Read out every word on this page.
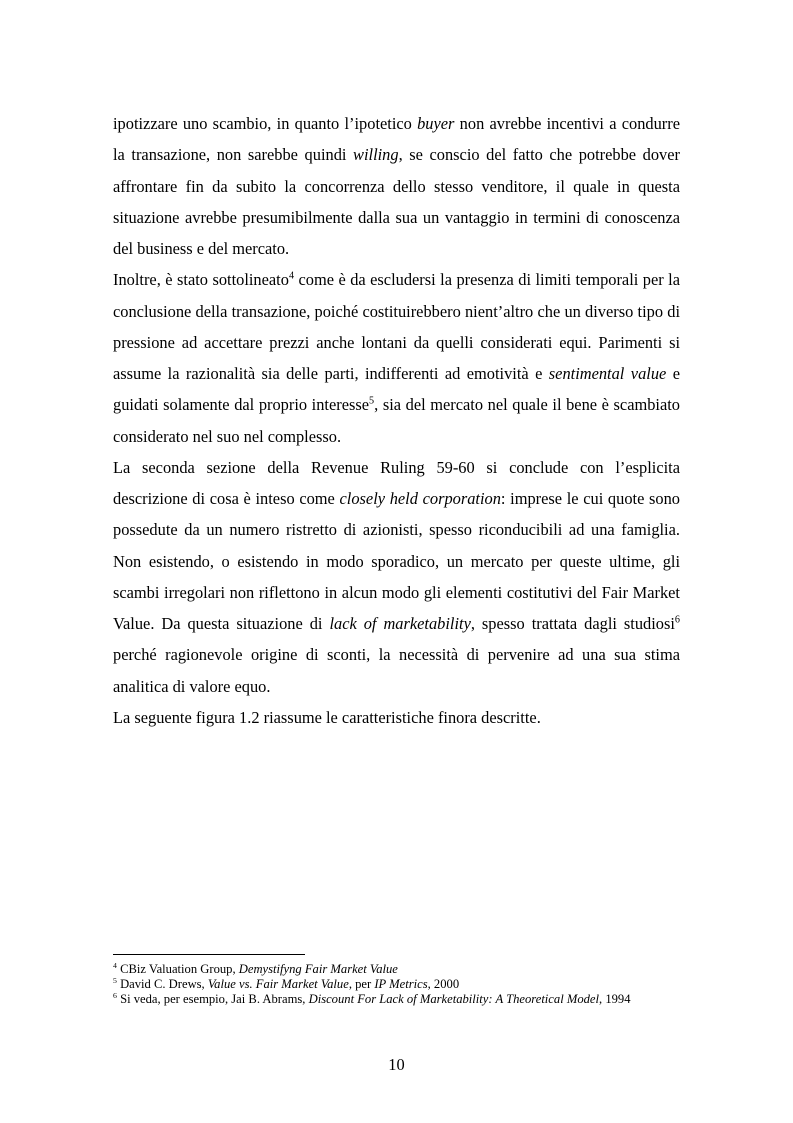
ipotizzare uno scambio, in quanto l’ipotetico buyer non avrebbe incentivi a condurre la transazione, non sarebbe quindi willing, se conscio del fatto che potrebbe dover affrontare fin da subito la concorrenza dello stesso venditore, il quale in questa situazione avrebbe presumibilmente dalla sua un vantaggio in termini di conoscenza del business e del mercato.

Inoltre, è stato sottolineato$^4$ come è da escludersi la presenza di limiti temporali per la conclusione della transazione, poiché costituirebbero nient’altro che un diverso tipo di pressione ad accettare prezzi anche lontani da quelli considerati equi. Parimenti si assume la razionalità sia delle parti, indifferenti ad emotività e sentimental value e guidati solamente dal proprio interesse$^5$, sia del mercato nel quale il bene è scambiato considerato nel suo nel complesso.

La seconda sezione della Revenue Ruling 59-60 si conclude con l’esplicita descrizione di cosa è inteso come closely held corporation: imprese le cui quote sono possedute da un numero ristretto di azionisti, spesso riconducibili ad una famiglia. Non esistendo, o esistendo in modo sporadico, un mercato per queste ultime, gli scambi irregolari non riflettono in alcun modo gli elementi costitutivi del Fair Market Value. Da questa situazione di lack of marketability, spesso trattata dagli studiosi$^6$ perché ragionevole origine di sconti, la necessità di pervenire ad una sua stima analitica di valore equo.

La seguente figura 1.2 riassume le caratteristiche finora descritte.

$^4$ CBiz Valuation Group, Demystifyng Fair Market Value
$^5$ David C. Drews, Value vs. Fair Market Value, per IP Metrics, 2000
$^6$ Si veda, per esempio, Jai B. Abrams, Discount For Lack of Marketability: A Theoretical Model, 1994
10
